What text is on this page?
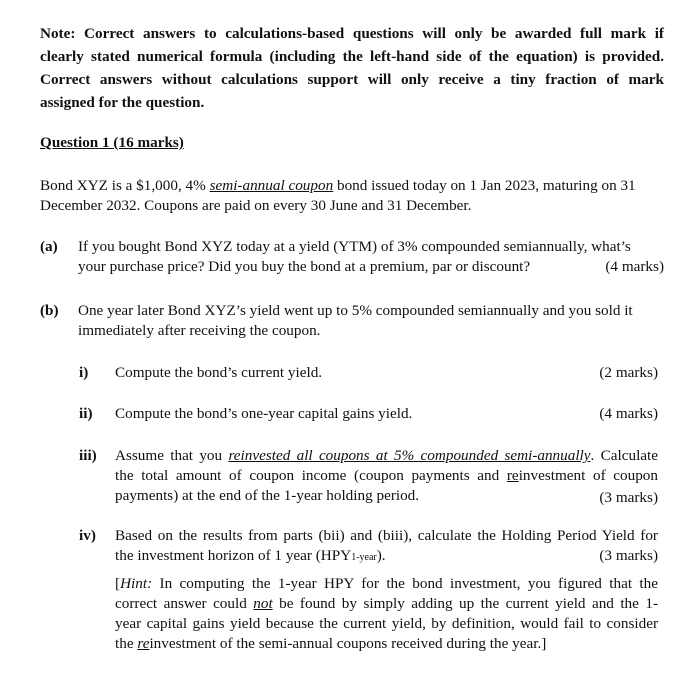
Note: Correct answers to calculations-based questions will only be awarded full mark if
clearly stated numerical formula (including the left-hand side of the equation) is provided.
Correct answers without calculations support will only receive a tiny fraction of mark
assigned for the question.
Question 1 (16 marks)
Bond XYZ is a $1,000, 4% semi-annual coupon bond issued today on 1 Jan 2023, maturing on 31
December 2032. Coupons are paid on every 30 June and 31 December.
(a) If you bought Bond XYZ today at a yield (YTM) of 3% compounded semiannually, what’s
your purchase price? Did you buy the bond at a premium, par or discount?	(4 marks)
(b) One year later Bond XYZ’s yield went up to 5% compounded semiannually and you sold it
immediately after receiving the coupon.
i) Compute the bond’s current yield.	(2 marks)
ii) Compute the bond’s one-year capital gains yield.	(4 marks)
iii) Assume that you reinvested all coupons at 5% compounded semi-annually. Calculate
the total amount of coupon income (coupon payments and reinvestment of coupon
payments) at the end of the 1-year holding period.	(3 marks)
iv) Based on the results from parts (bii) and (biii), calculate the Holding Period Yield for
the investment horizon of 1 year (HPY1-year).
[Hint: In computing the 1-year HPY for the bond investment, you figured that the
correct answer could not be found by simply adding up the current yield and the 1-
year capital gains yield because the current yield, by definition, would fail to consider
the reinvestment of the semi-annual coupons received during the year.]
(3 marks)
